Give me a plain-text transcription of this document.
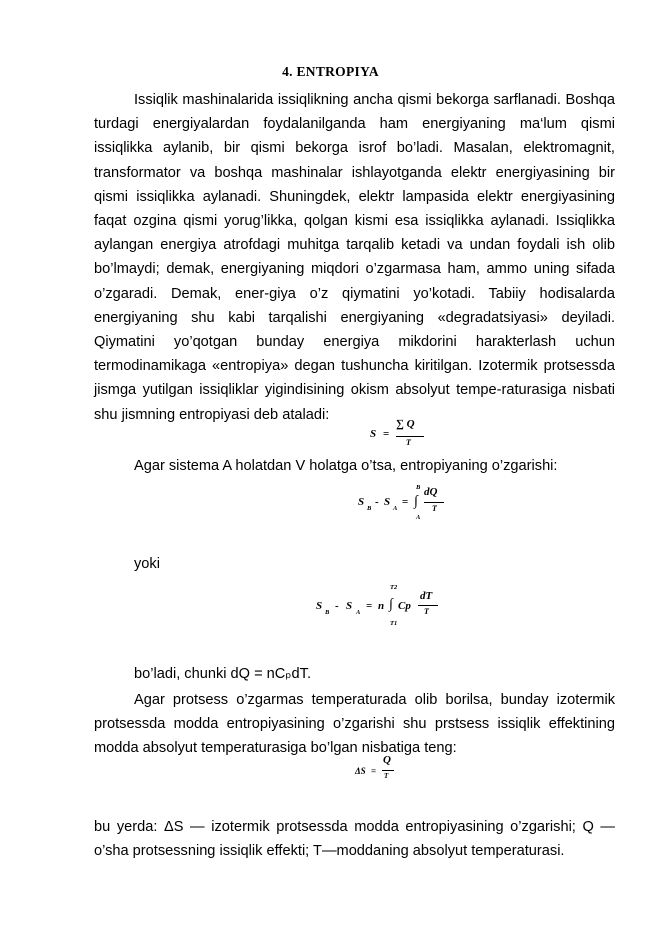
4. ENTROPIYA

Issiqlik mashinalarida issiqlikning ancha qismi bekorga sarflanadi. Boshqa turdagi energiyalardan foydalanilganda ham energiyaning ma‘lum qismi issiqlikka aylanib, bir qismi bekorga isrof bo’ladi. Masalan, elektromagnit, transformator va boshqa mashinalar ishlayotganda elektr energiyasining bir qismi issiqlikka aylanadi. Shuningdek, elektr lampasida elektr energiyasining faqat ozgina qismi yorug’likka, qolgan kismi esa issiqlikka aylanadi. Issiqlikka aylangan energiya atrofdagi muhitga tarqalib ketadi va undan foydali ish olib bo’lmaydi; demak, energiyaning miqdori o’zgarmasa ham, ammo uning sifada o’zgaradi. Demak, ener-giya o’z qiymatini yo’kotadi. Tabiiy hodisalarda energiyaning shu kabi tarqalishi energiyaning «degradatsiyasi» deyiladi. Qiymatini yo’qotgan bunday energiya mikdorini harakterlash uchun termodinamikaga «entropiya» degan tushuncha kiritilgan. Izotermik protsessda jismga yutilgan issiqliklar yigindisining okism absolyut tempe-raturasiga nisbati shu jismning entropiyasi deb ataladi:

S =
∑ Q
T

Agar sistema A holatdan V holatga o’tsa, entropiyaning o’zgarishi:

S
B
- S
A
=
B
∫
A
dQ
T

yoki

S
B
- S
A
= n
T2
∫
T1
Cp
dT
T

bo’ladi, chunki dQ = nCₚdT.

Agar protsess o’zgarmas temperaturada olib borilsa, bunday izotermik protsessda modda entropiyasining o’zgarishi shu prstsess issiqlik effektining modda absolyut temperaturasiga bo’lgan nisbatiga teng:

ΔS =
Q
T

bu yerda: ΔS — izotermik protsessda modda entropiyasining o’zgarishi; Q — o’sha protsessning issiqlik effekti; T—moddaning absolyut temperaturasi.
